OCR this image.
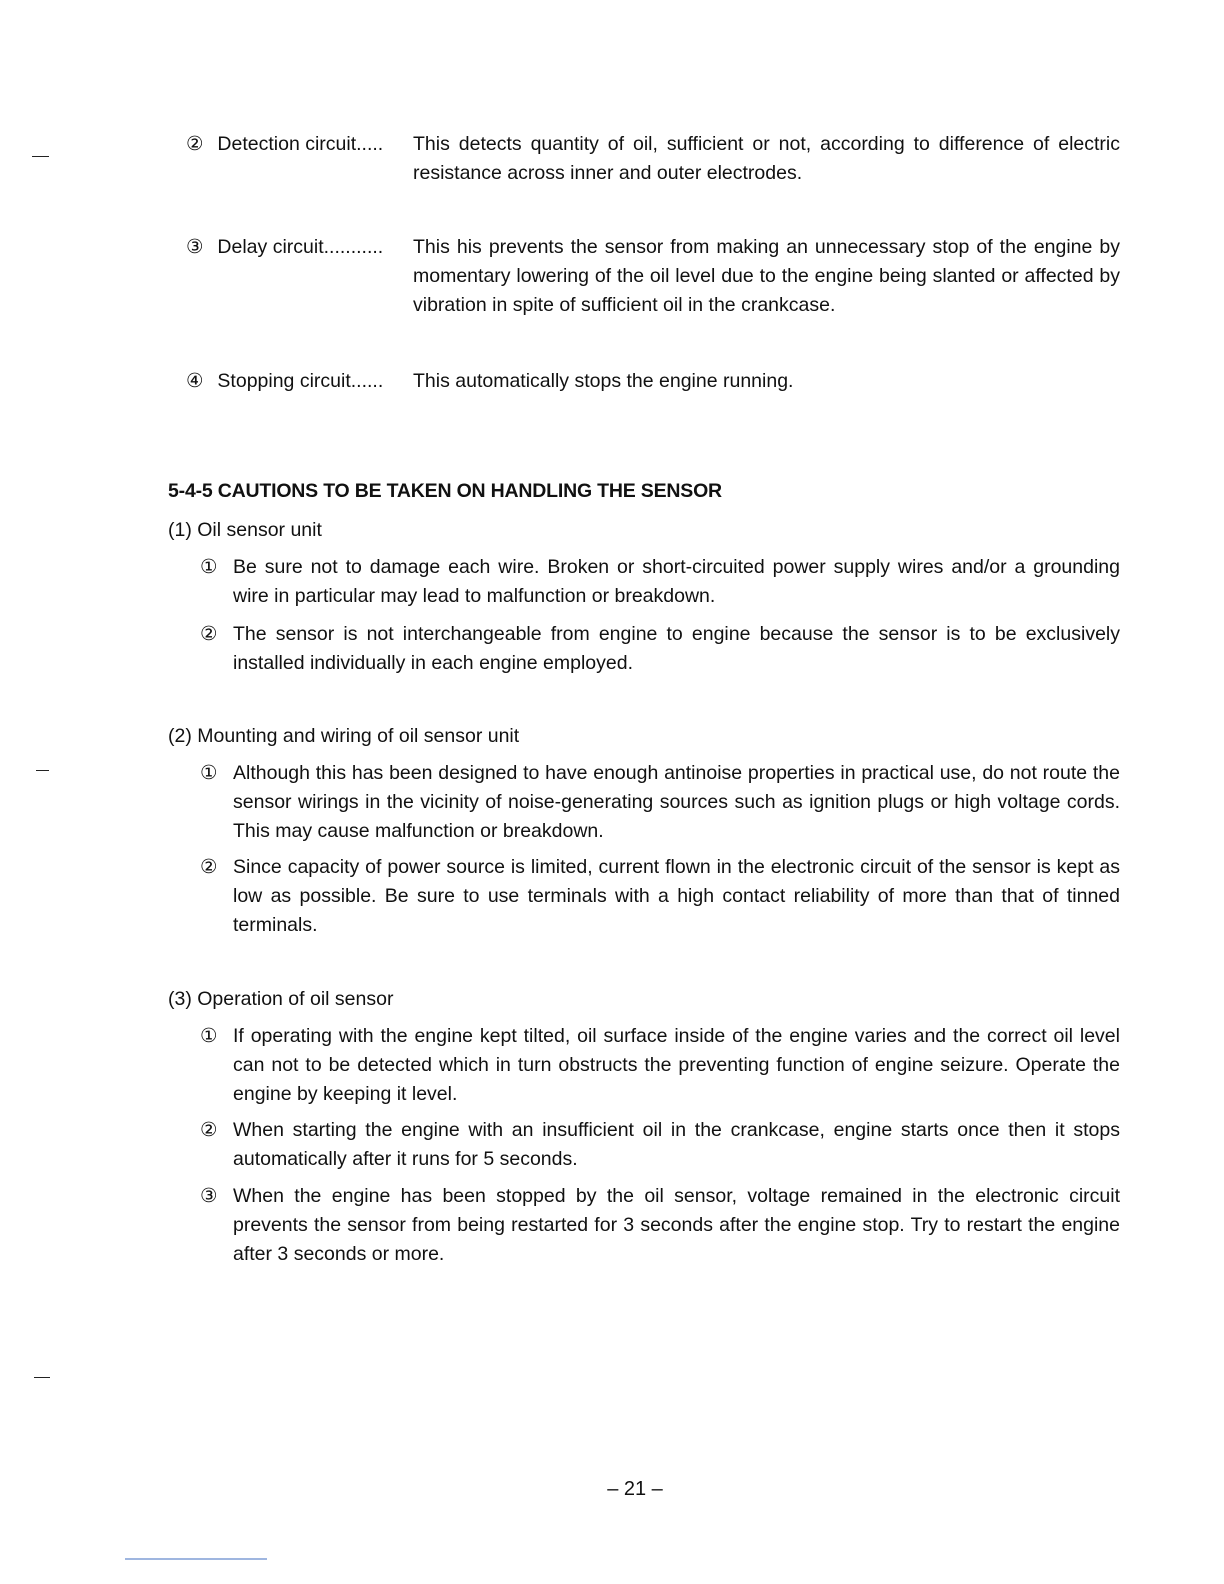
② Detection circuit..... This detects quantity of oil, sufficient or not, according to difference of electric resistance across inner and outer electrodes.
③ Delay circuit........... This his prevents the sensor from making an unnecessary stop of the engine by momentary lowering of the oil level due to the engine being slanted or affected by vibration in spite of sufficient oil in the crankcase.
④ Stopping circuit...... This automatically stops the engine running.
5-4-5 CAUTIONS TO BE TAKEN ON HANDLING THE SENSOR
(1) Oil sensor unit
① Be sure not to damage each wire. Broken or short-circuited power supply wires and/or a grounding wire in particular may lead to malfunction or breakdown.
② The sensor is not interchangeable from engine to engine because the sensor is to be exclusively installed individually in each engine employed.
(2) Mounting and wiring of oil sensor unit
① Although this has been designed to have enough antinoise properties in practical use, do not route the sensor wirings in the vicinity of noise-generating sources such as ignition plugs or high voltage cords. This may cause malfunction or breakdown.
② Since capacity of power source is limited, current flown in the electronic circuit of the sensor is kept as low as possible. Be sure to use terminals with a high contact reliability of more than that of tinned terminals.
(3) Operation of oil sensor
① If operating with the engine kept tilted, oil surface inside of the engine varies and the correct oil level can not to be detected which in turn obstructs the preventing function of engine seizure. Operate the engine by keeping it level.
② When starting the engine with an insufficient oil in the crankcase, engine starts once then it stops automatically after it runs for 5 seconds.
③ When the engine has been stopped by the oil sensor, voltage remained in the electronic circuit prevents the sensor from being restarted for 3 seconds after the engine stop. Try to restart the engine after 3 seconds or more.
– 21 –
